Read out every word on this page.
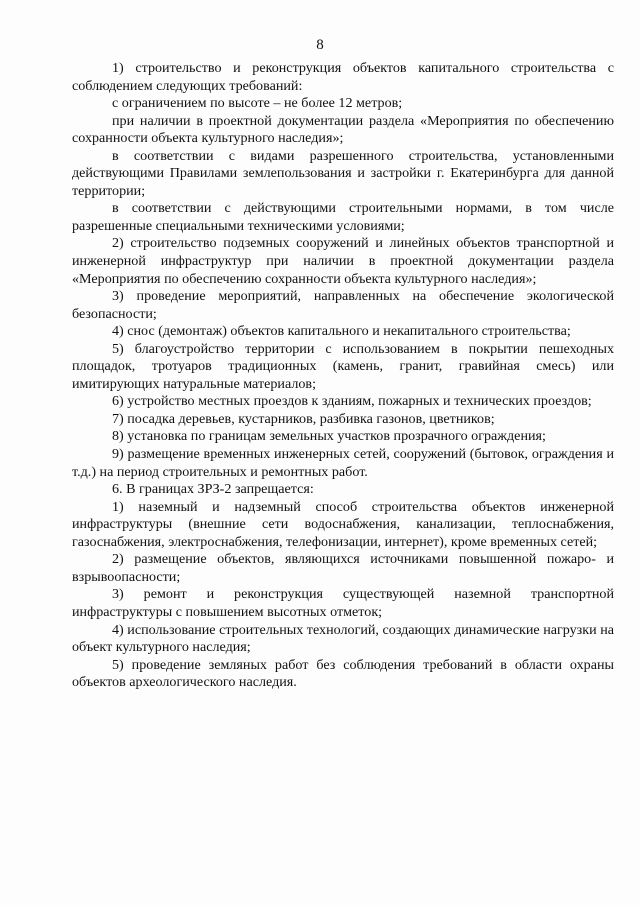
8

1) строительство и реконструкция объектов капитального строительства с соблюдением следующих требований:

с ограничением по высоте – не более 12 метров;

при наличии в проектной документации раздела «Мероприятия по обеспечению сохранности объекта культурного наследия»;

в соответствии с видами разрешенного строительства, установленными действующими Правилами землепользования и застройки г. Екатеринбурга для данной территории;

в соответствии с действующими строительными нормами, в том числе разрешенные специальными техническими условиями;

2) строительство подземных сооружений и линейных объектов транспортной и инженерной инфраструктур при наличии в проектной документации раздела «Мероприятия по обеспечению сохранности объекта культурного наследия»;

3) проведение мероприятий, направленных на обеспечение экологической безопасности;

4) снос (демонтаж) объектов капитального и некапитального строительства;

5) благоустройство территории с использованием в покрытии пешеходных площадок, тротуаров традиционных (камень, гранит, гравийная смесь) или имитирующих натуральные материалов;

6) устройство местных проездов к зданиям, пожарных и технических проездов;

7) посадка деревьев, кустарников, разбивка газонов, цветников;

8) установка по границам земельных участков прозрачного ограждения;

9) размещение временных инженерных сетей, сооружений (бытовок, ограждения и т.д.) на период строительных и ремонтных работ.

6. В границах ЗРЗ-2 запрещается:

1) наземный и надземный способ строительства объектов инженерной инфраструктуры (внешние сети водоснабжения, канализации, теплоснабжения, газоснабжения, электроснабжения, телефонизации, интернет), кроме временных сетей;

2) размещение объектов, являющихся источниками повышенной пожаро- и взрывоопасности;

3) ремонт и реконструкция существующей наземной транспортной инфраструктуры с повышением высотных отметок;

4) использование строительных технологий, создающих динамические нагрузки на объект культурного наследия;

5) проведение земляных работ без соблюдения требований в области охраны объектов археологического наследия.
